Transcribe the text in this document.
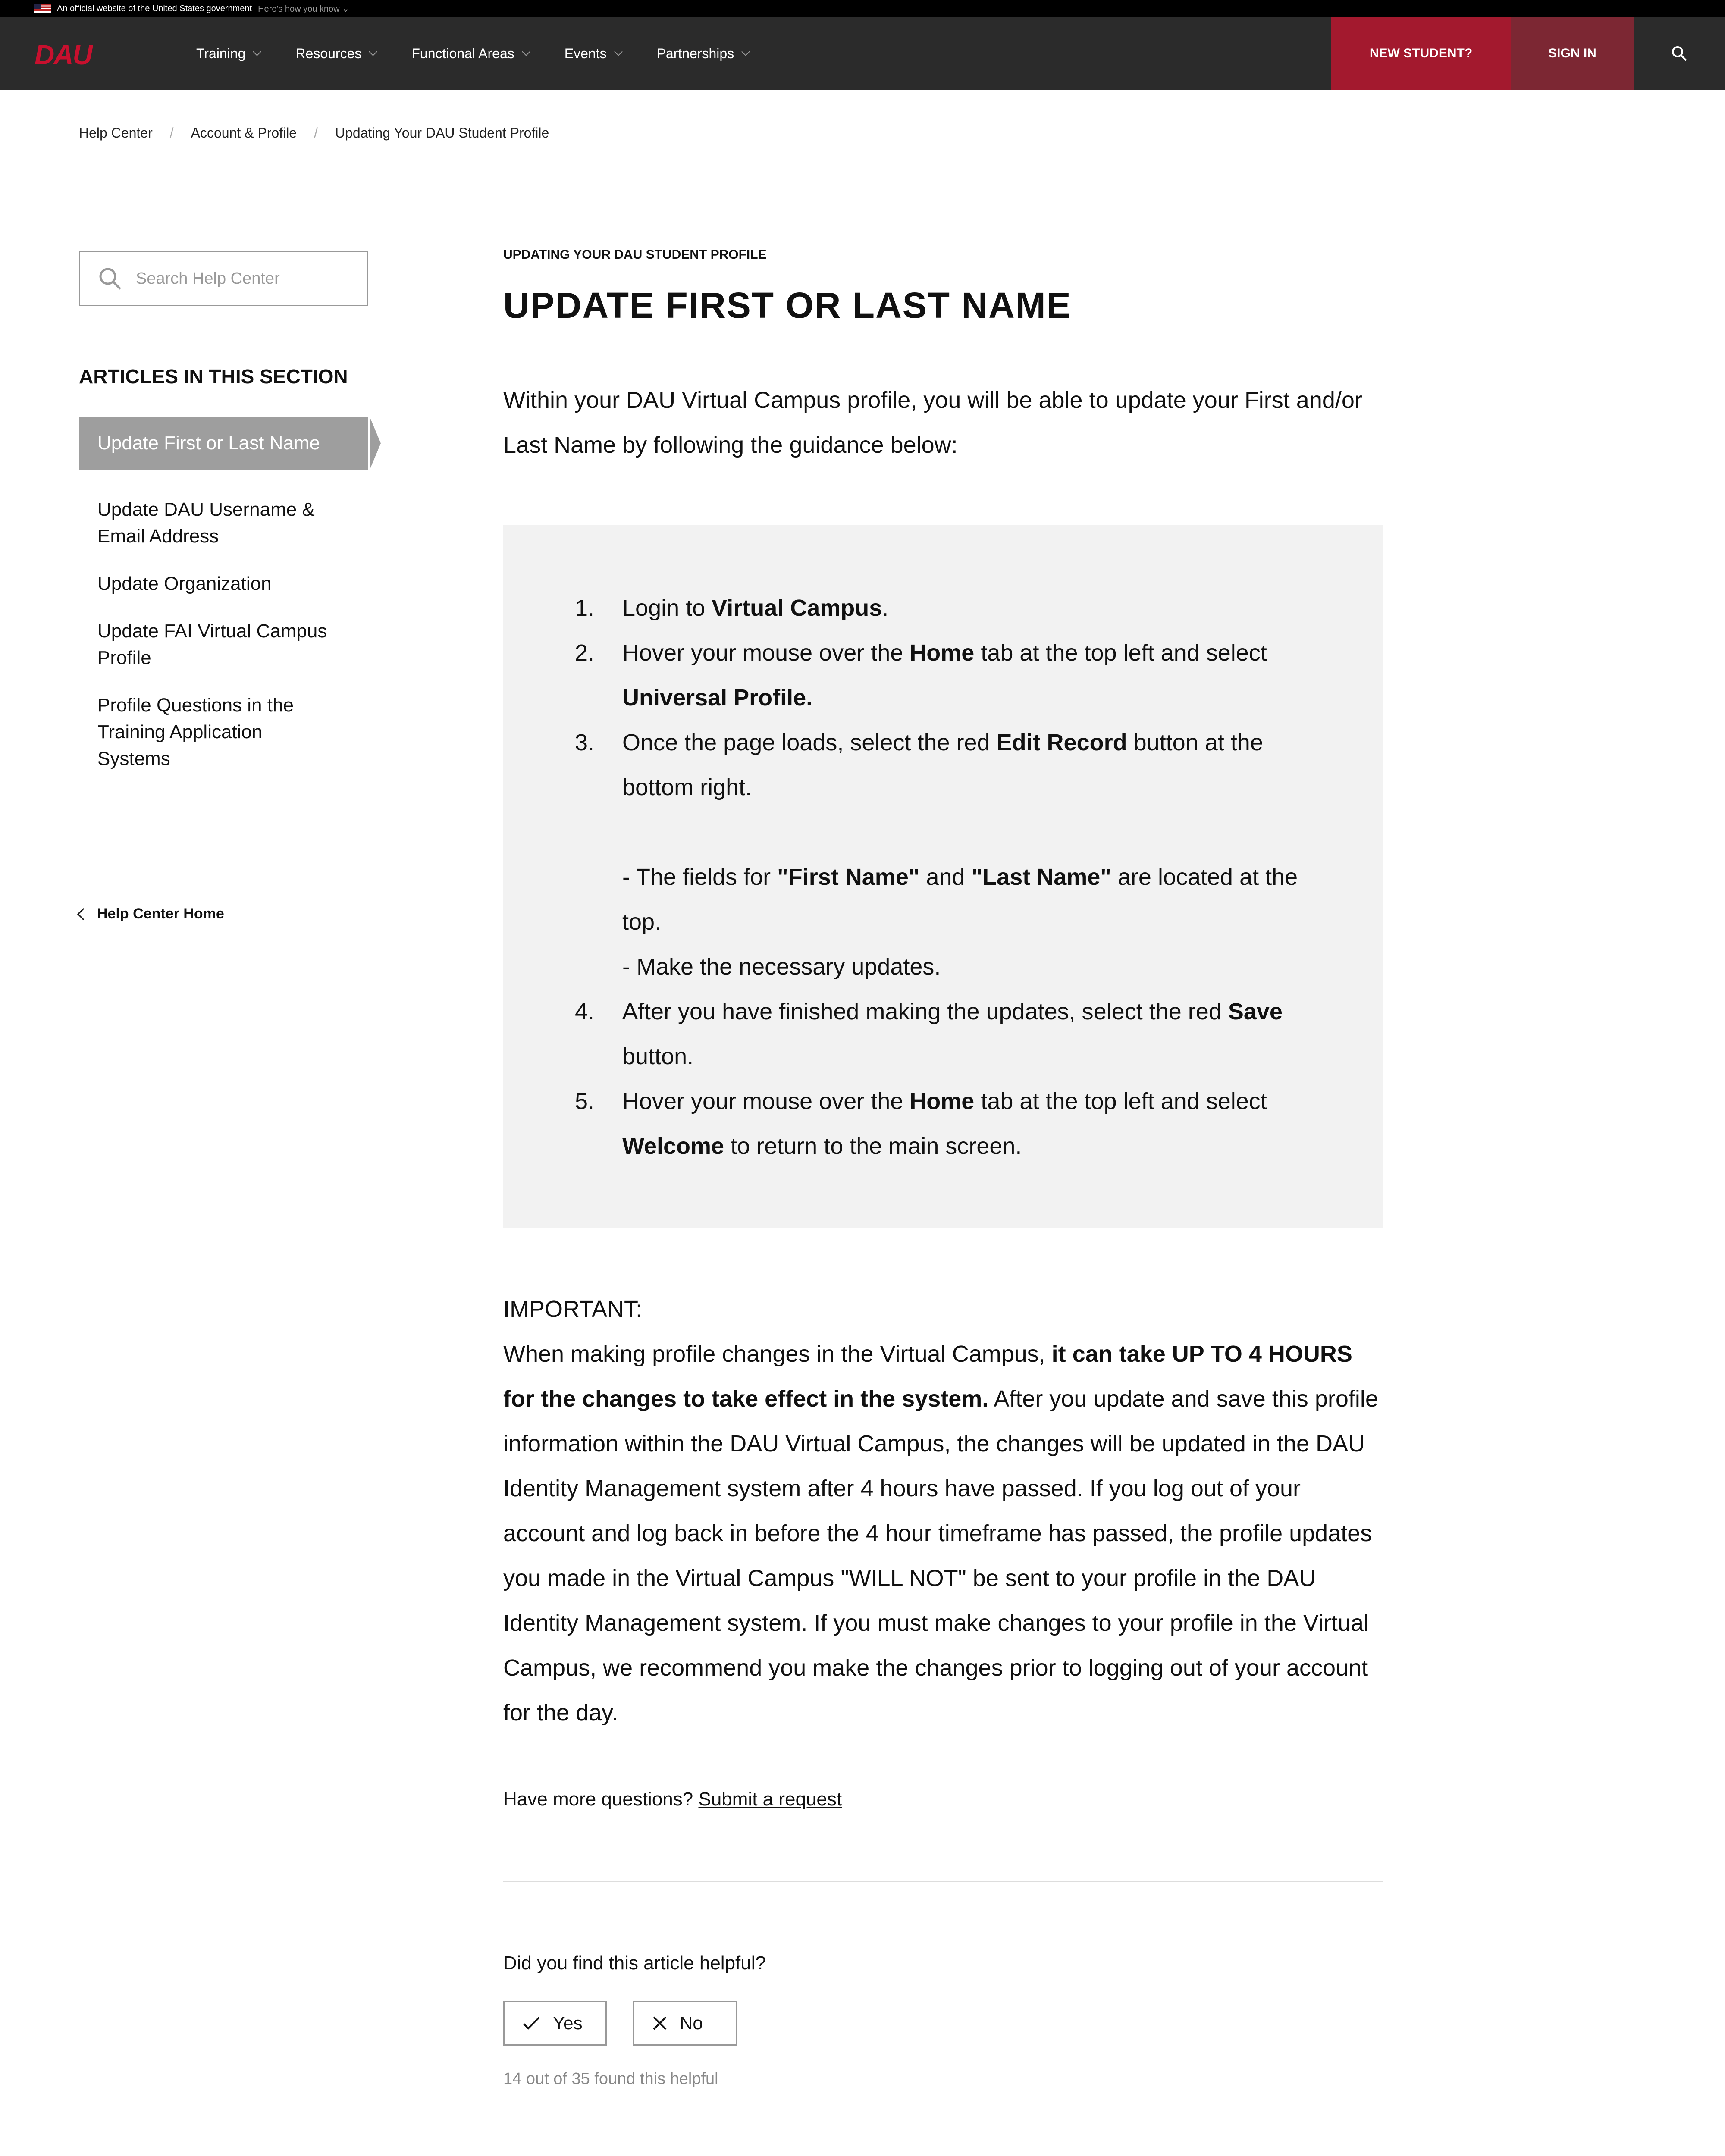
An official website of the United States government Here's how you know ⌄
DAU	Training	Resources	Functional Areas	Events	Partnerships	NEW STUDENT?	SIGN IN
Help Center / Account & Profile / Updating Your DAU Student Profile
Search Help Center
ARTICLES IN THIS SECTION
Update First or Last Name
Update DAU Username & Email Address
Update Organization
Update FAI Virtual Campus Profile
Profile Questions in the Training Application Systems
Help Center Home
UPDATING YOUR DAU STUDENT PROFILE
UPDATE FIRST OR LAST NAME
Within your DAU Virtual Campus profile, you will be able to update your First and/or Last Name by following the guidance below:
1.	Login to Virtual Campus.
2.	Hover your mouse over the Home tab at the top left and select Universal Profile.
3.	Once the page loads, select the red Edit Record button at the bottom right.

- The fields for "First Name" and "Last Name" are located at the top.
- Make the necessary updates.
4.	After you have finished making the updates, select the red Save button.
5.	Hover your mouse over the Home tab at the top left and select Welcome to return to the main screen.
IMPORTANT:
When making profile changes in the Virtual Campus, it can take UP TO 4 HOURS for the changes to take effect in the system. After you update and save this profile information within the DAU Virtual Campus, the changes will be updated in the DAU Identity Management system after 4 hours have passed. If you log out of your account and log back in before the 4 hour timeframe has passed, the profile updates you made in the Virtual Campus "WILL NOT" be sent to your profile in the DAU Identity Management system. If you must make changes to your profile in the Virtual Campus, we recommend you make the changes prior to logging out of your account for the day.
Have more questions? Submit a request
Did you find this article helpful?
Yes	No
14 out of 35 found this helpful
